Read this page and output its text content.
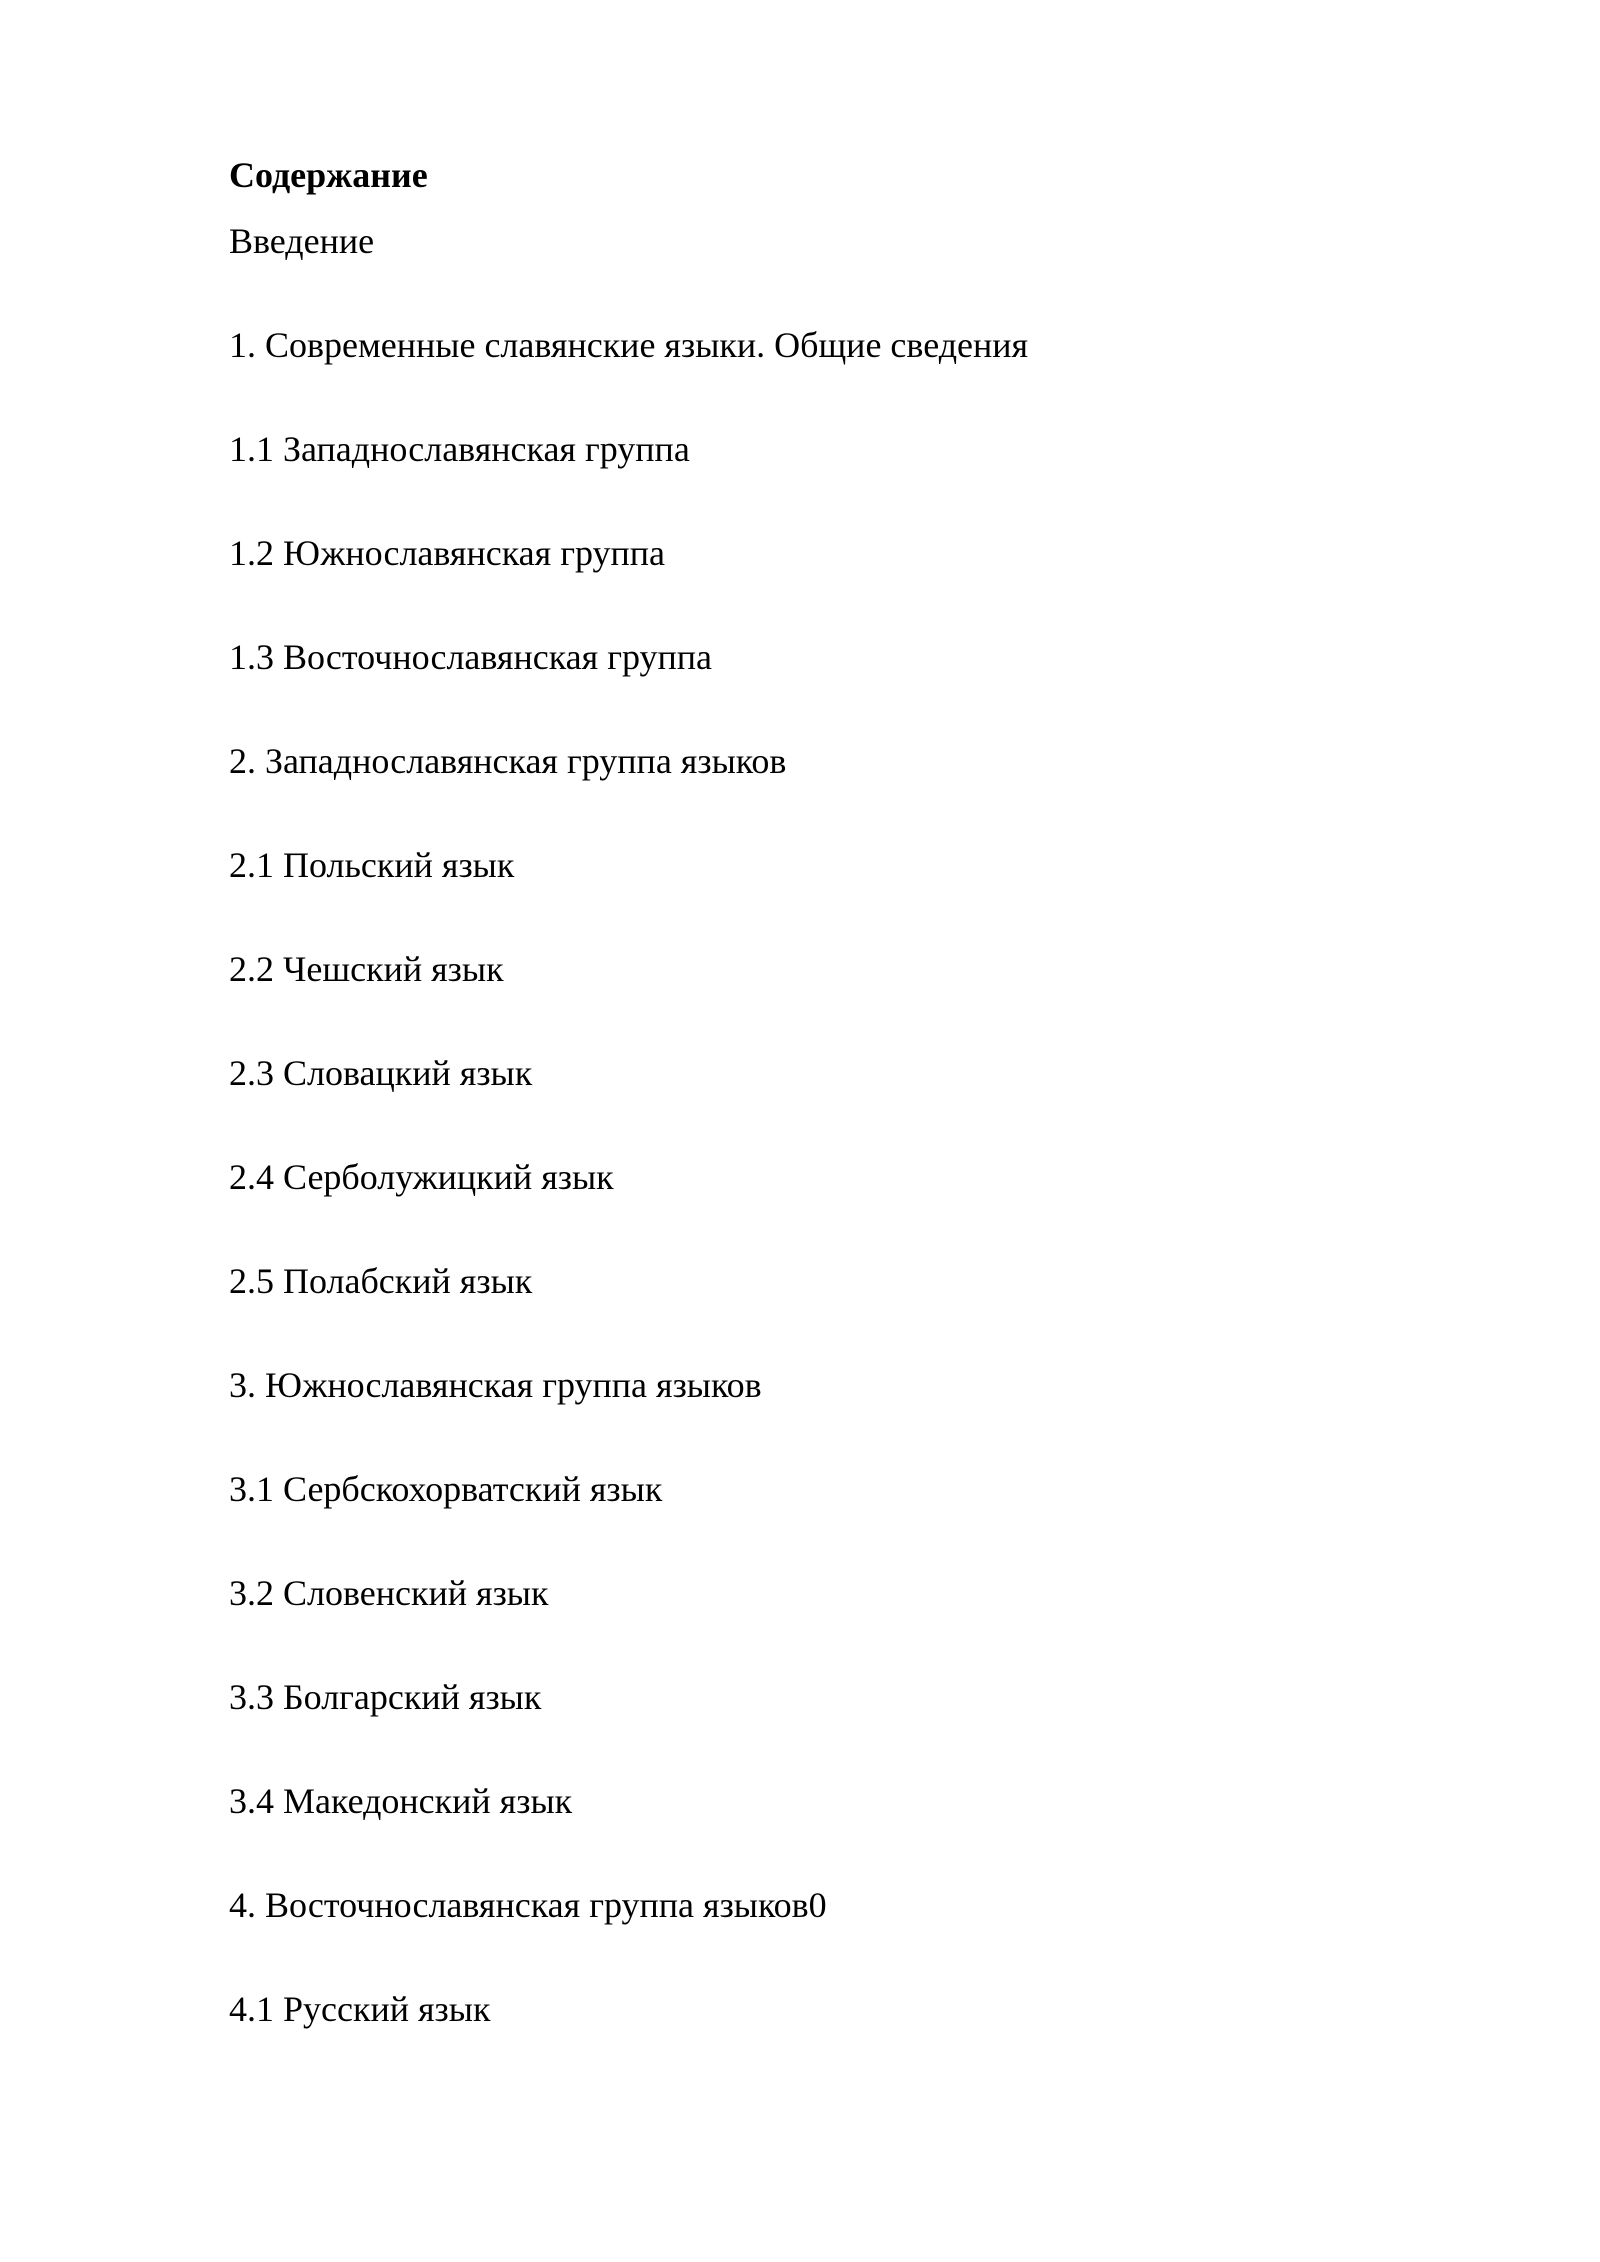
Содержание
Введение
1. Современные славянские языки. Общие сведения
1.1 Западнославянская группа
1.2 Южнославянская группа
1.3 Восточнославянская группа
2. Западнославянская группа языков
2.1 Польский язык
2.2 Чешский язык
2.3 Словацкий язык
2.4 Серболужицкий язык
2.5 Полабский язык
3. Южнославянская группа языков
3.1 Сербскохорватский язык
3.2 Словенский язык
3.3 Болгарский язык
3.4 Македонский язык
4. Восточнославянская группа языков0
4.1 Русский язык
